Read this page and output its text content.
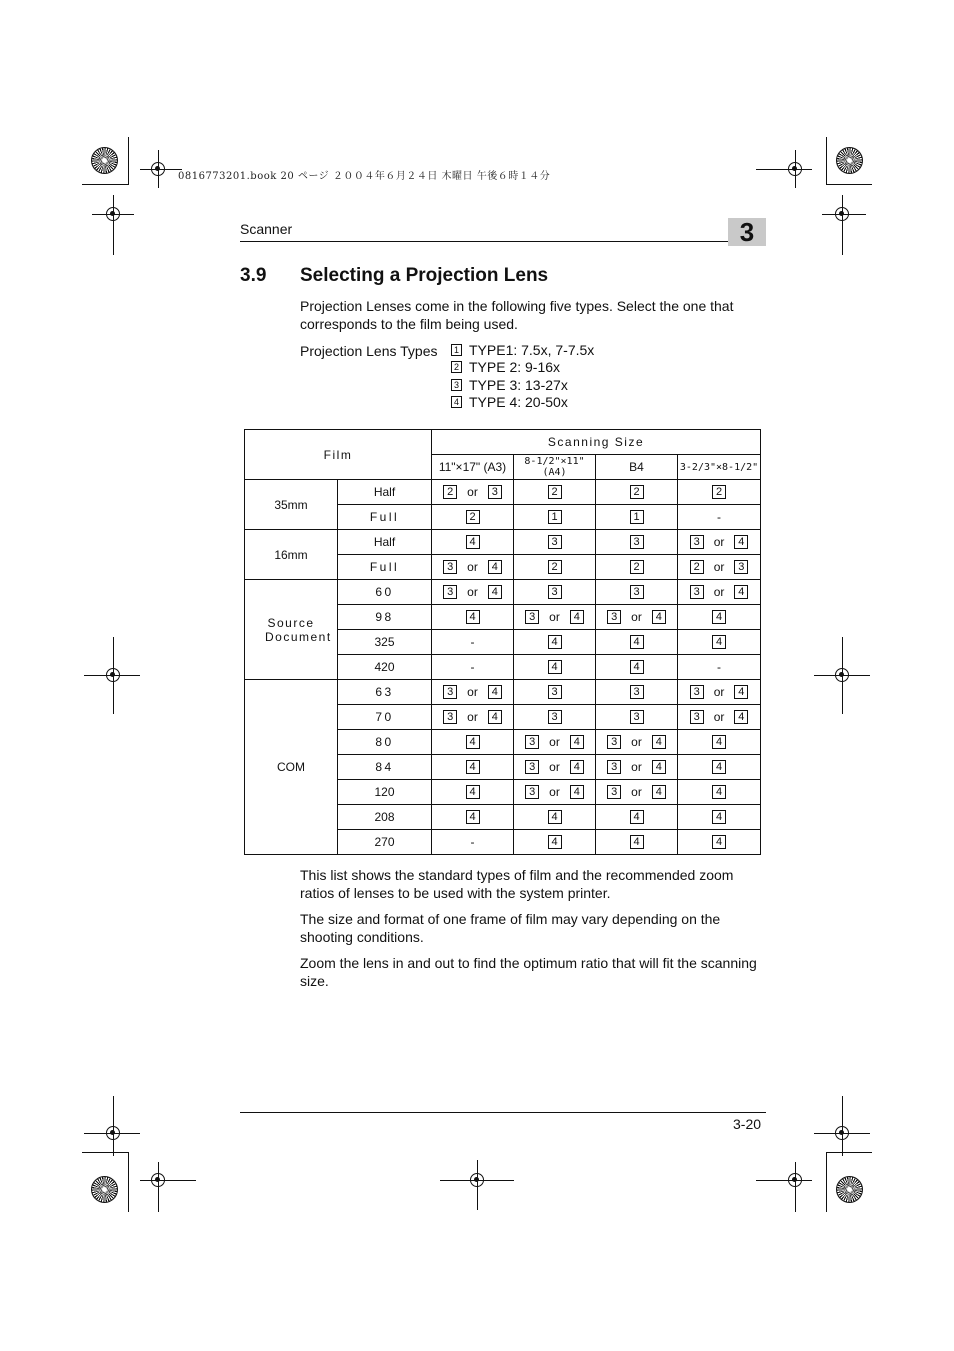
0816773201.book 20 ページ ２００４年６月２４日 木曜日 午後６時１４分
Scanner	3
3.9 Selecting a Projection Lens
Projection Lenses come in the following five types. Select the one that corresponds to the film being used.
Projection Lens Types	1 TYPE1: 7.5x, 7-7.5x
2 TYPE 2: 9-16x
3 TYPE 3: 13-27x
4 TYPE 4: 20-50x
Film		Scanning Size			
		11"×17" (A3)	8-1/2"×11" (A4)	B4	3-2/3"×8-1/2"
35mm	Half	2 or 3	2	2	2
	Full	2	1	1	-
16mm	Half	4	3	3	3 or 4
	Full	3 or 4	2	2	2 or 3
Source Document	60	3 or 4	3	3	3 or 4
	98	4	3 or 4	3 or 4	4
	325	-	4	4	4
	420	-	4	4	-
COM	63	3 or 4	3	3	3 or 4
	70	3 or 4	3	3	3 or 4
	80	4	3 or 4	3 or 4	4
	84	4	3 or 4	3 or 4	4
	120	4	3 or 4	3 or 4	4
	208	4	4	4	4
	270	-	4	4	4
This list shows the standard types of film and the recommended zoom ratios of lenses to be used with the system printer.
The size and format of one frame of film may vary depending on the shooting conditions.
Zoom the lens in and out to find the optimum ratio that will fit the scanning size.
3-20
